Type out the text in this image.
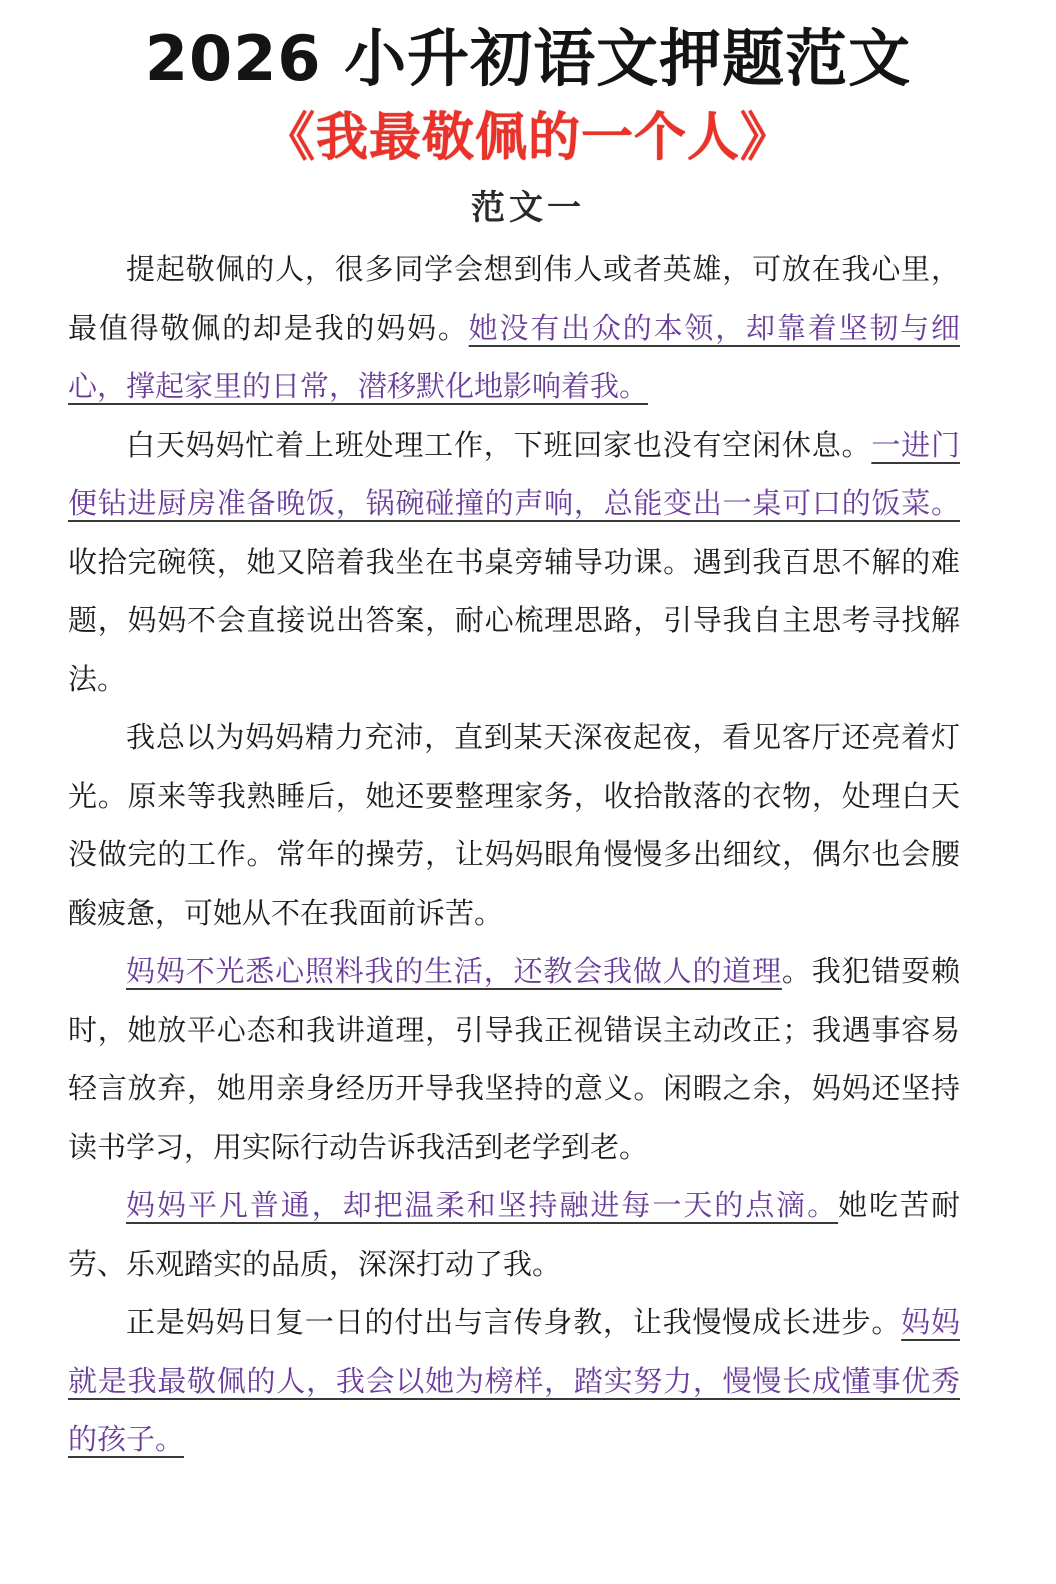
2026 小升初语文押题范文
《我最敬佩的一个人》
范文一

提起敬佩的人，很多同学会想到伟人或者英雄，可放在我心里，最值得敬佩的却是我的妈妈。她没有出众的本领，却靠着坚韧与细心，撑起家里的日常，潜移默化地影响着我。

白天妈妈忙着上班处理工作，下班回家也没有空闲休息。一进门便钻进厨房准备晚饭，锅碗碰撞的声响，总能变出一桌可口的饭菜。收拾完碗筷，她又陪着我坐在书桌旁辅导功课。遇到我百思不解的难题，妈妈不会直接说出答案，耐心梳理思路，引导我自主思考寻找解法。

我总以为妈妈精力充沛，直到某天深夜起夜，看见客厅还亮着灯光。原来等我熟睡后，她还要整理家务，收拾散落的衣物，处理白天没做完的工作。常年的操劳，让妈妈眼角慢慢多出细纹，偶尔也会腰酸疲惫，可她从不在我面前诉苦。

妈妈不光悉心照料我的生活，还教会我做人的道理。我犯错耍赖时，她放平心态和我讲道理，引导我正视错误主动改正；我遇事容易轻言放弃，她用亲身经历开导我坚持的意义。闲暇之余，妈妈还坚持读书学习，用实际行动告诉我活到老学到老。

妈妈平凡普通，却把温柔和坚持融进每一天的点滴。她吃苦耐劳、乐观踏实的品质，深深打动了我。

正是妈妈日复一日的付出与言传身教，让我慢慢成长进步。妈妈就是我最敬佩的人，我会以她为榜样，踏实努力，慢慢长成懂事优秀的孩子。
